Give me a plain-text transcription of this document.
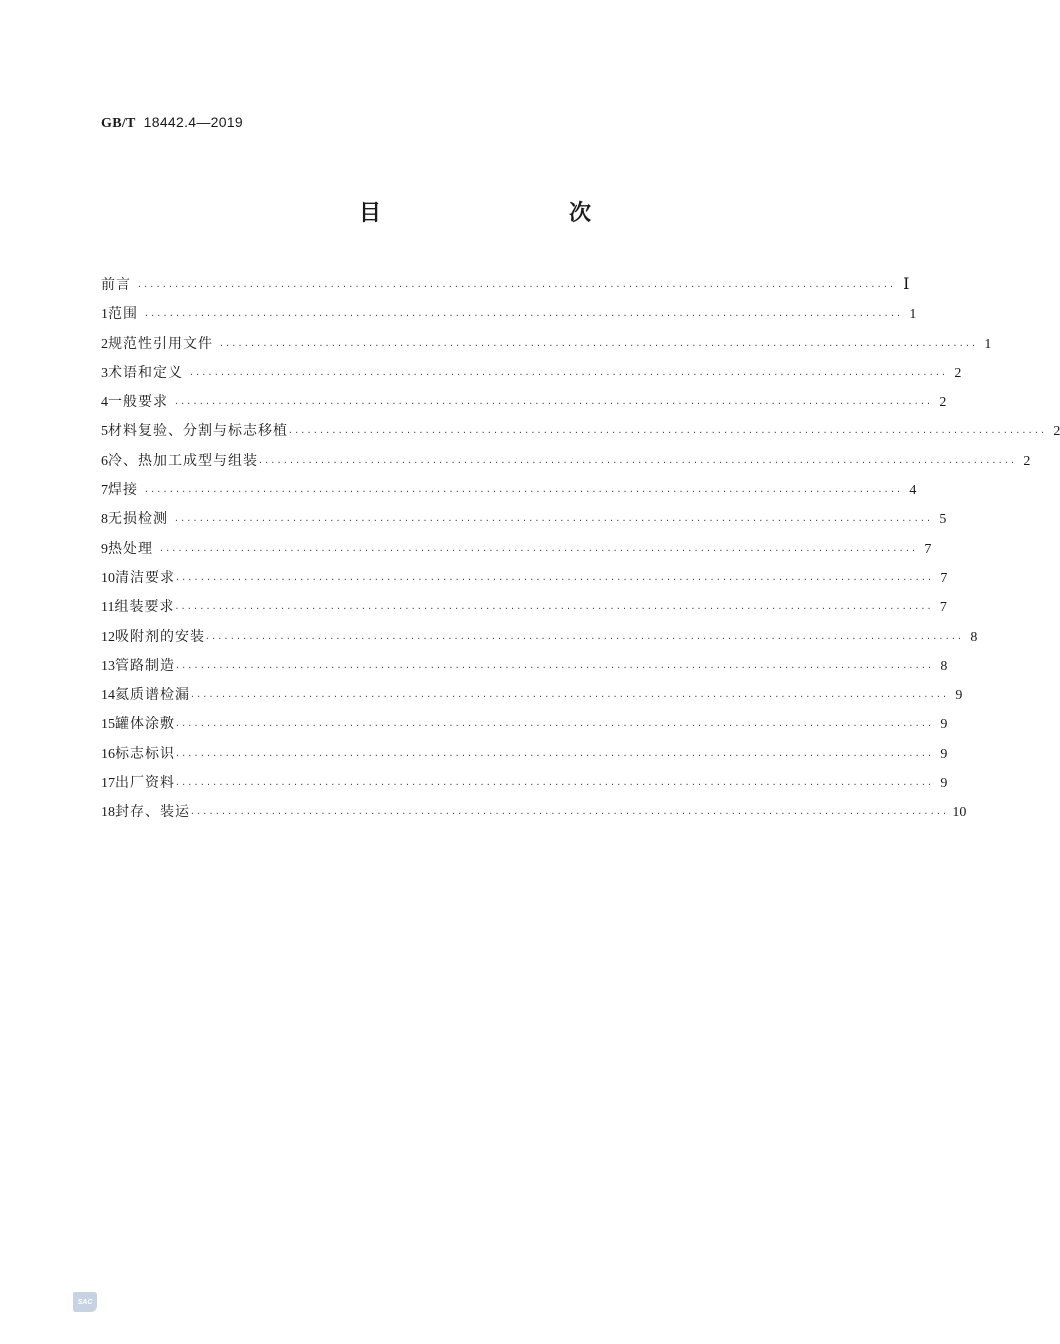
GB/T 18442.4—2019
目　　次
前言 ·························································································································· Ⅰ
1 范围 ·························································································································· 1
2 规范性引用文件 ·························································································································· 1
3 术语和定义 ·························································································································· 2
4 一般要求 ·························································································································· 2
5 材料复验、分割与标志移植 ·························································································································· 2
6 冷、热加工成型与组装 ·························································································································· 2
7 焊接 ·························································································································· 4
8 无损检测 ·························································································································· 5
9 热处理 ·························································································································· 7
10 清洁要求 ·························································································································· 7
11 组装要求 ·························································································································· 7
12 吸附剂的安装 ·························································································································· 8
13 管路制造 ·························································································································· 8
14 氦质谱检漏 ·························································································································· 9
15 罐体涂敷 ·························································································································· 9
16 标志标识 ·························································································································· 9
17 出厂资料 ·························································································································· 9
18 封存、装运 ·························································································································· 10
SAC
